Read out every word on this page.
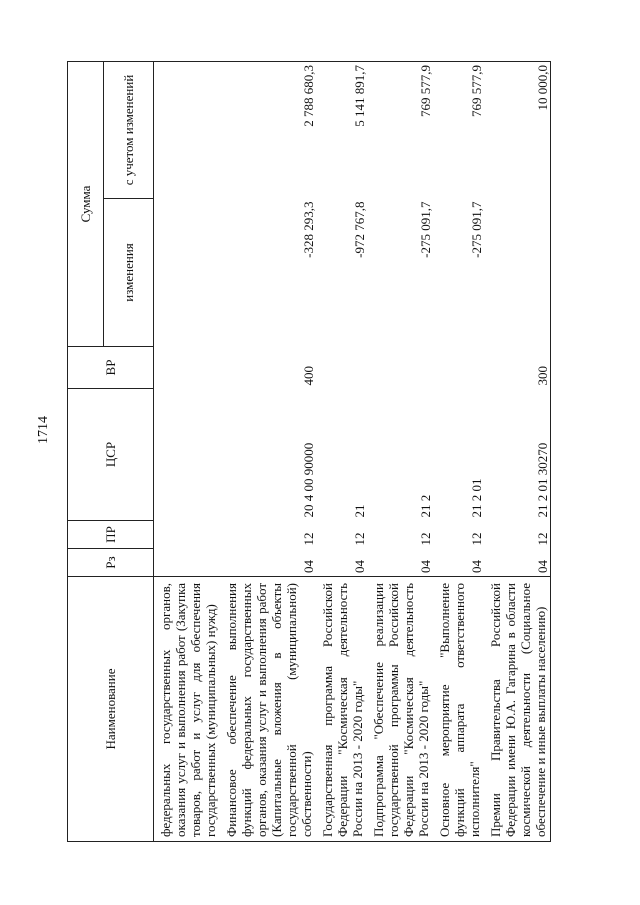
1714
Наименование	Рз	ПР	ЦСР	ВР	Сумма	
					изменения	с учетом изменений
федеральных государственных органов, оказания услуг и выполнения работ (Закупка товаров, работ и услуг для обеспечения государственных (муниципальных) нужд)						
Финансовое обеспечение выполнения функций федеральных государственных органов, оказания услуг и выполнения работ (Капитальные вложения в объекты государственной (муниципальной) собственности)	04	12	20 4 00 90000	400	-328 293,3	2 788 680,3
Государственная программа Российской Федерации "Космическая деятельность России на 2013 - 2020 годы"	04	12	21		-972 767,8	5 141 891,7
Подпрограмма "Обеспечение реализации государственной программы Российской Федерации "Космическая деятельность России на 2013 - 2020 годы"	04	12	21 2		-275 091,7	769 577,9
Основное мероприятие "Выполнение функций аппарата ответственного исполнителя"	04	12	21 2 01		-275 091,7	769 577,9
Премии Правительства Российской Федерации имени Ю.А. Гагарина в области космической деятельности (Социальное обеспечение и иные выплаты населению)	04	12	21 2 01 30270	300		10 000,0
